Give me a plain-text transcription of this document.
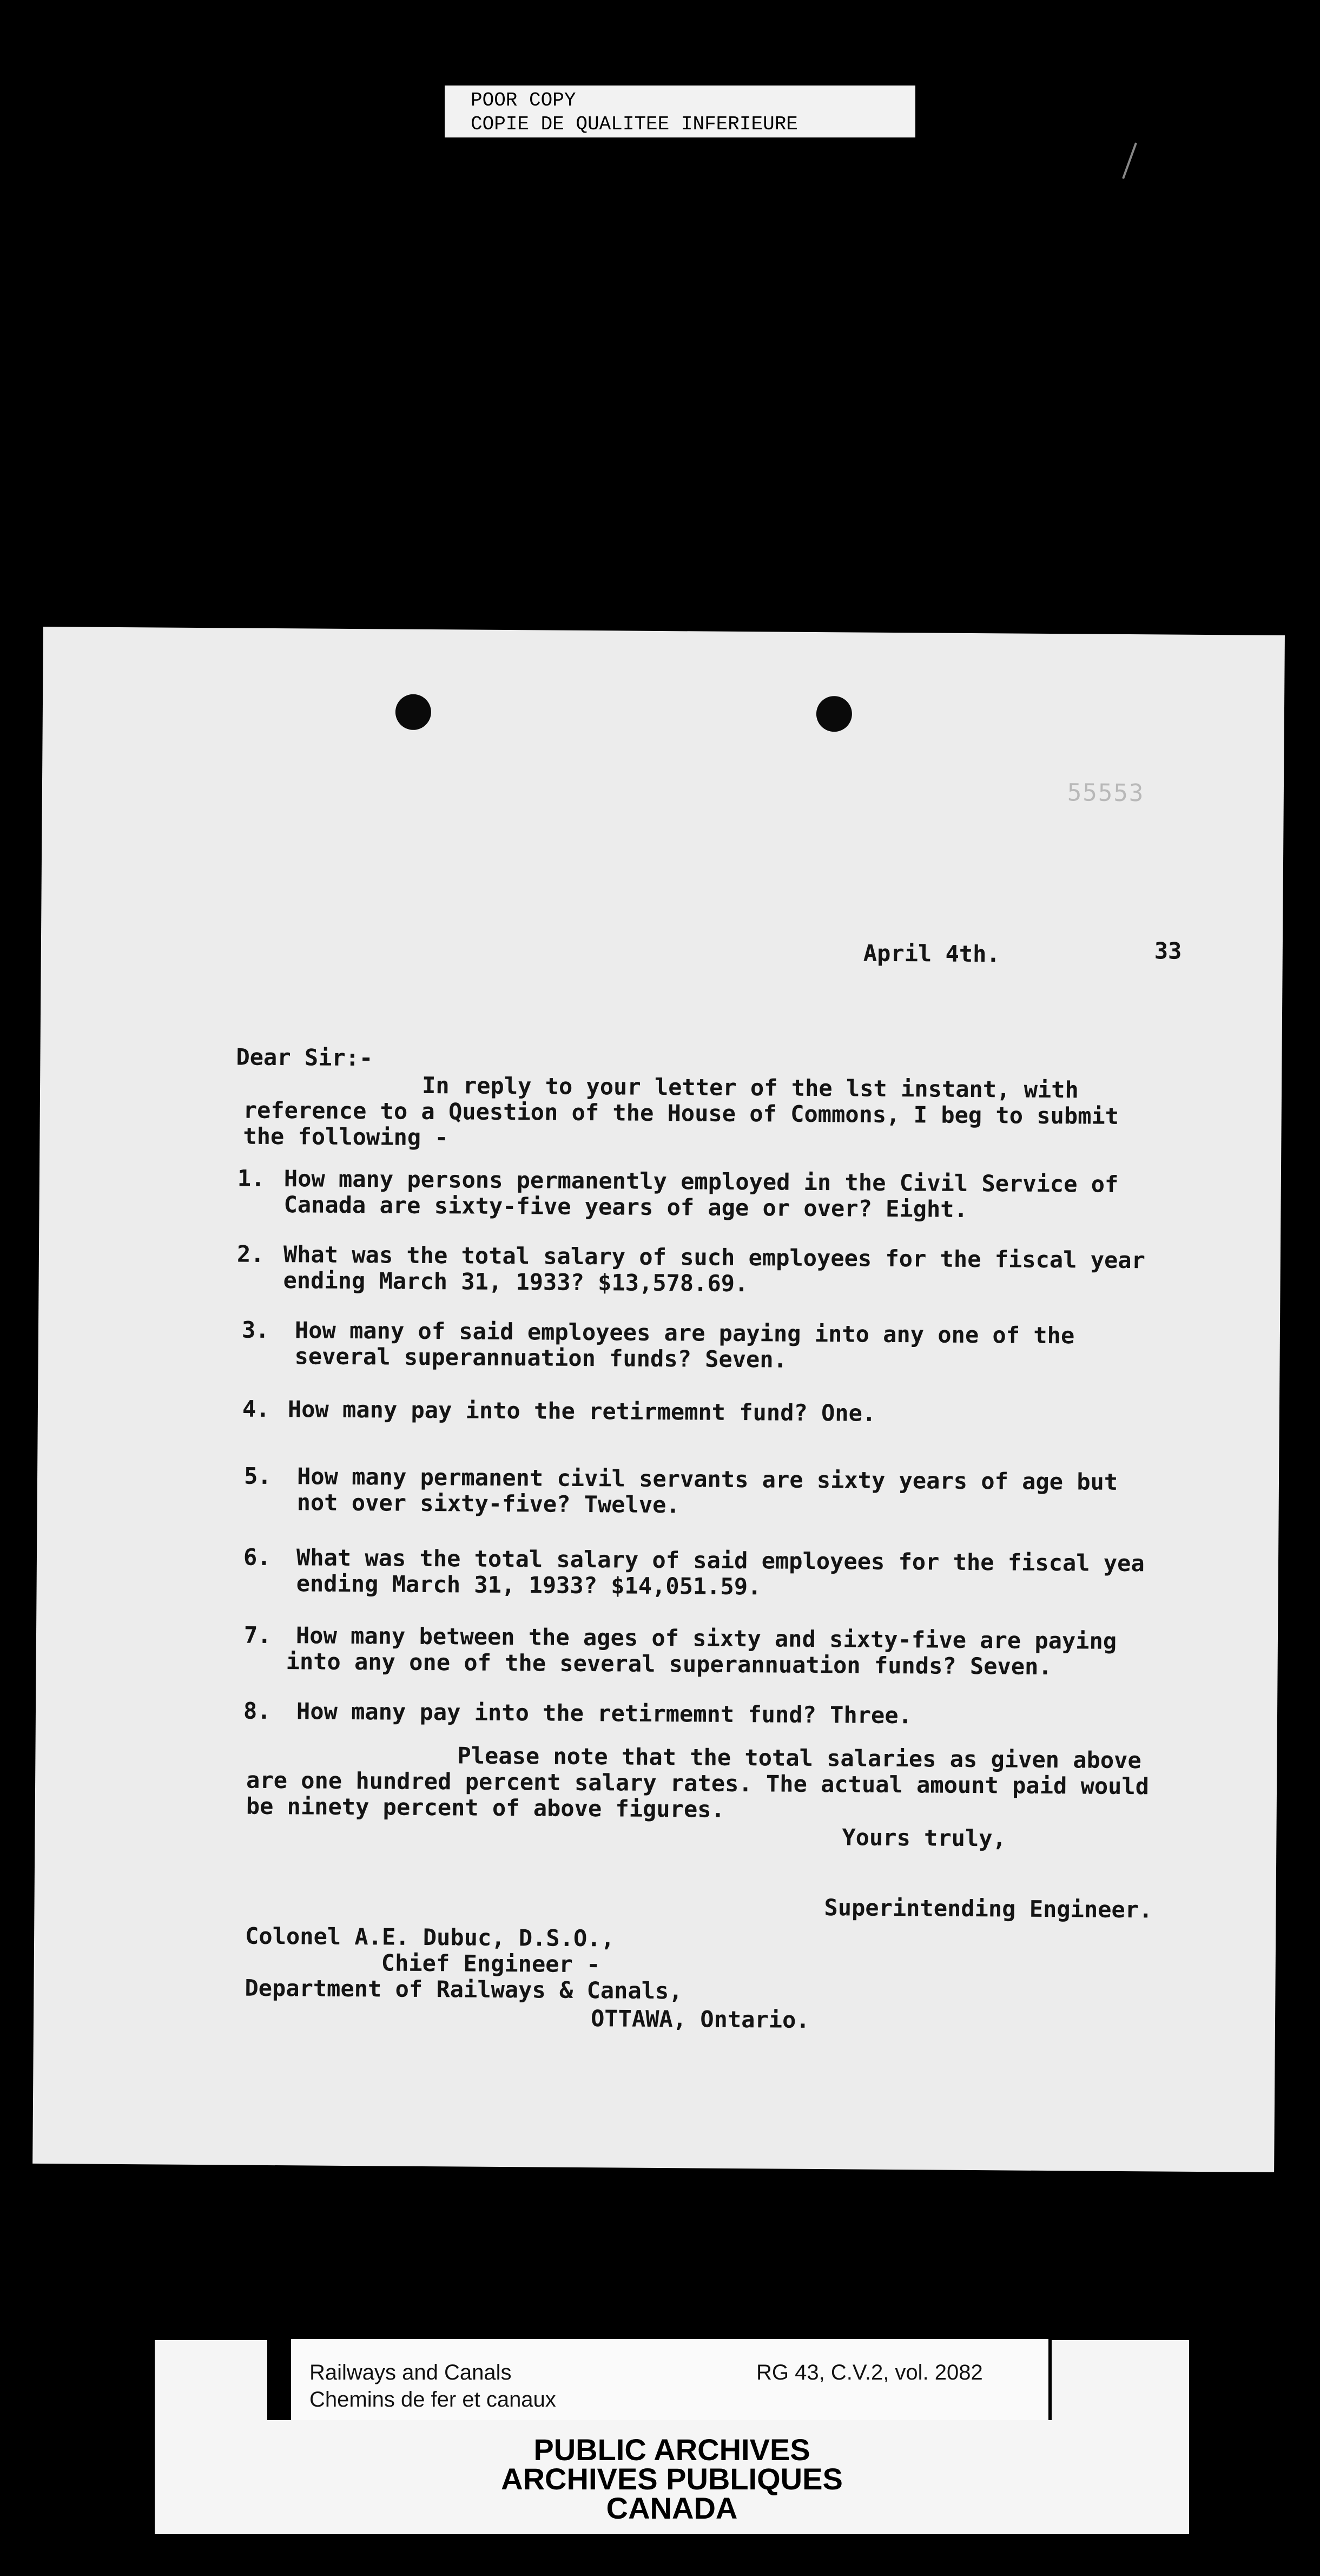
POOR COPY
COPIE DE QUALITEE INFERIEURE
55553
April 4th.	33
Dear Sir:-
In reply to your letter of the lst instant, with
reference to a Question of the House of Commons, I beg to submit
the following -
1. How many persons permanently employed in the Civil Service of
Canada are sixty-five years of age or over? Eight.
2. What was the total salary of such employees for the fiscal year
ending March 31, 1933? $13,578.69.
3. How many of said employees are paying into any one of the
several superannuation funds? Seven.
4. How many pay into the retirmemnt fund? One.
5. How many permanent civil servants are sixty years of age but
not over sixty-five? Twelve.
6. What was the total salary of said employees for the fiscal yea
ending March 31, 1933? $14,051.59.
7. How many between the ages of sixty and sixty-five are paying
into any one of the several superannuation funds? Seven.
8. How many pay into the retirmemnt fund? Three.
Please note that the total salaries as given above
are one hundred percent salary rates. The actual amount paid would
be ninety percent of above figures.
Yours truly,
Superintending Engineer.
Colonel A.E. Dubuc, D.S.O.,
Chief Engineer -
Department of Railways & Canals,
OTTAWA, Ontario.
Railways and Canals
Chemins de fer et canaux
RG 43, C.V.2, vol. 2082
PUBLIC ARCHIVES
ARCHIVES PUBLIQUES
CANADA
